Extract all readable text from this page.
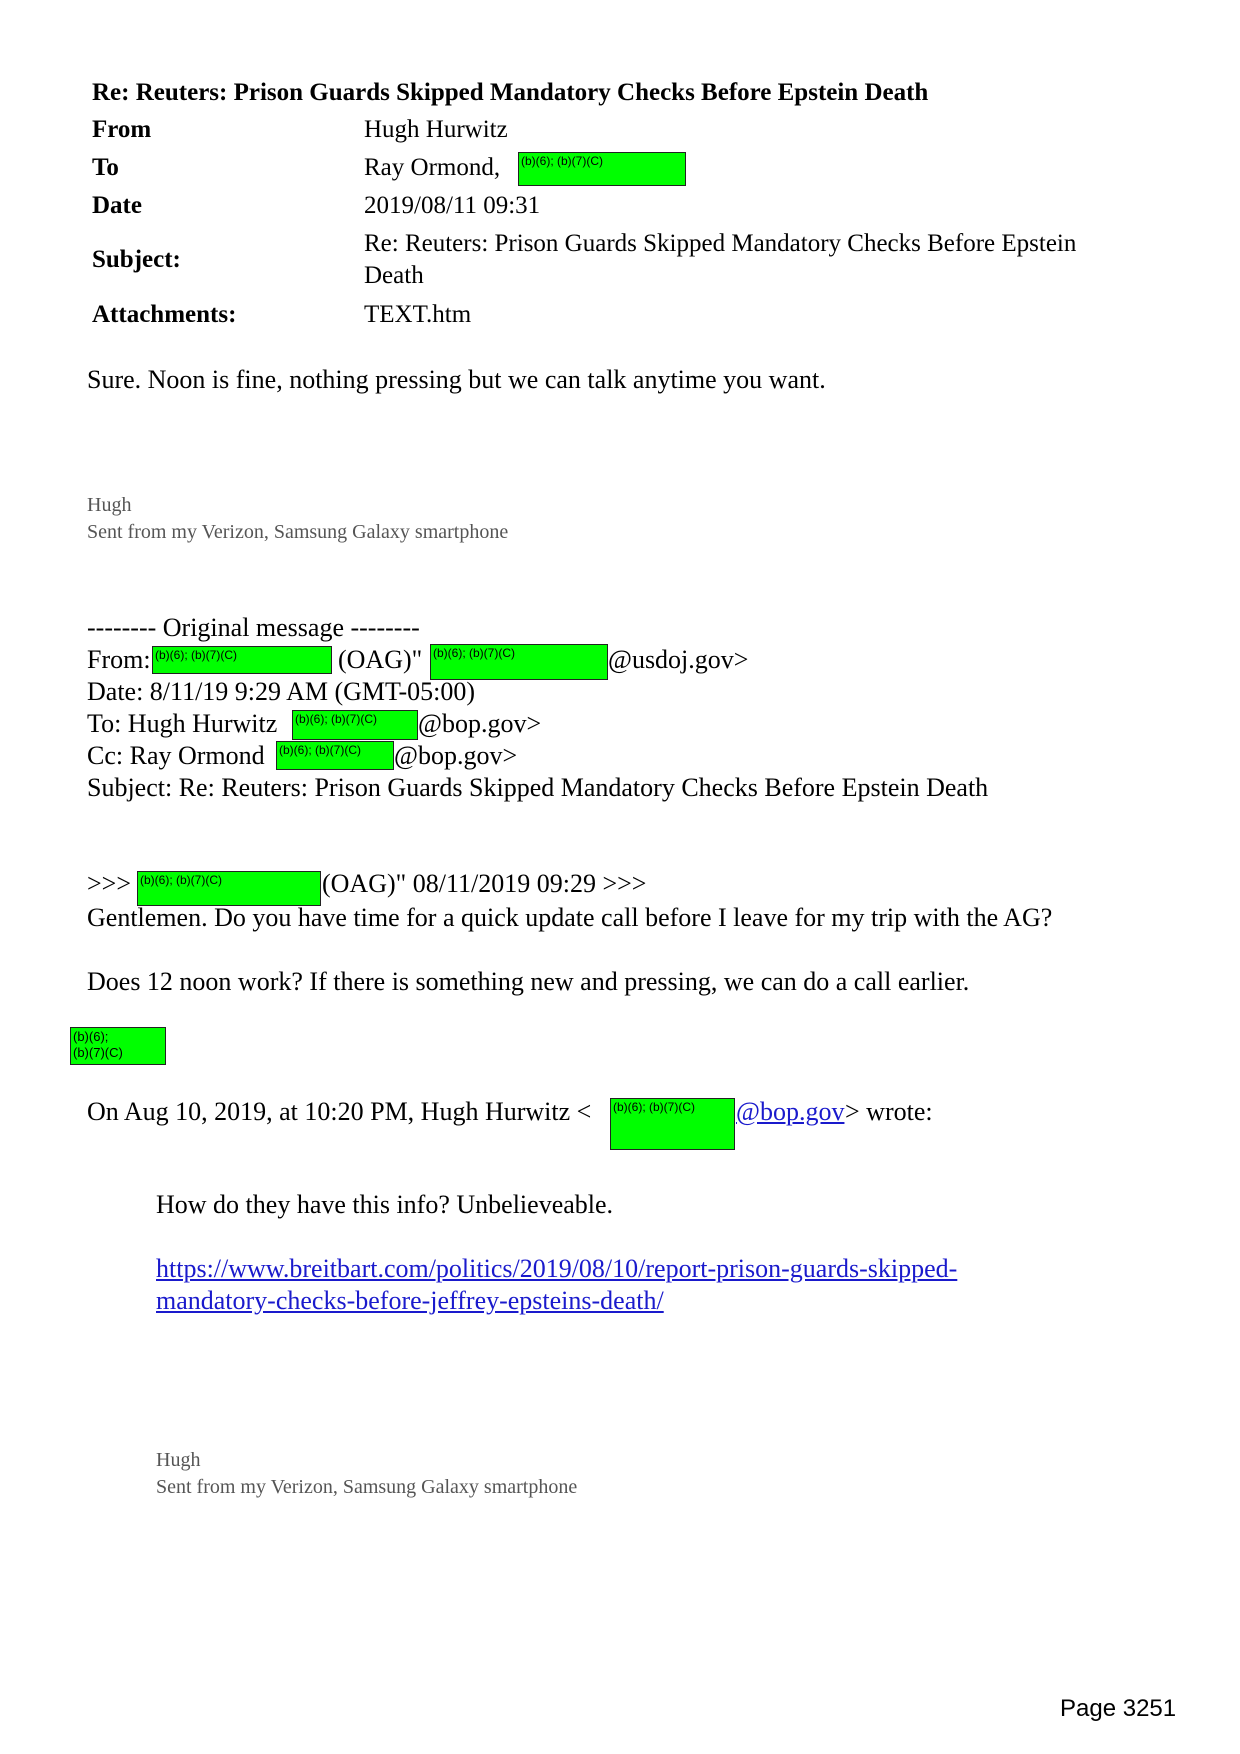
Re: Reuters: Prison Guards Skipped Mandatory Checks Before Epstein Death
From	Hugh Hurwitz
To	Ray Ormond, (b)(6); (b)(7)(C)
Date	2019/08/11 09:31
Subject:
Re: Reuters: Prison Guards Skipped Mandatory Checks Before Epstein
Death
Attachments:	TEXT.htm
Sure. Noon is fine, nothing pressing but we can talk anytime you want.
Hugh
Sent from my Verizon, Samsung Galaxy smartphone
-------- Original message --------
From: (b)(6); (b)(7)(C)	(OAG)" (b)(6); (b)(7)(C)	@usdoj.gov>
Date: 8/11/19 9:29 AM (GMT-05:00)
To: Hugh Hurwitz (b)(6); (b)(7)(C)	@bop.gov>
Cc: Ray Ormond (b)(6); (b)(7)(C)	@bop.gov>
Subject: Re: Reuters: Prison Guards Skipped Mandatory Checks Before Epstein Death
>>> (b)(6); (b)(7)(C)	(OAG)" 08/11/2019 09:29 >>>
Gentlemen. Do you have time for a quick update call before I leave for my trip with the AG?
Does 12 noon work? If there is something new and pressing, we can do a call earlier.
(b)(6);
(b)(7)(C)
On Aug 10, 2019, at 10:20 PM, Hugh Hurwitz < (b)(6); (b)(7)(C)	@bop.gov > wrote:
How do they have this info? Unbelieveable.
https://www.breitbart.com/politics/2019/08/10/report-prison-guards-skipped-
mandatory-checks-before-jeffrey-epsteins-death/
Hugh
Sent from my Verizon, Samsung Galaxy smartphone
Page 3251
